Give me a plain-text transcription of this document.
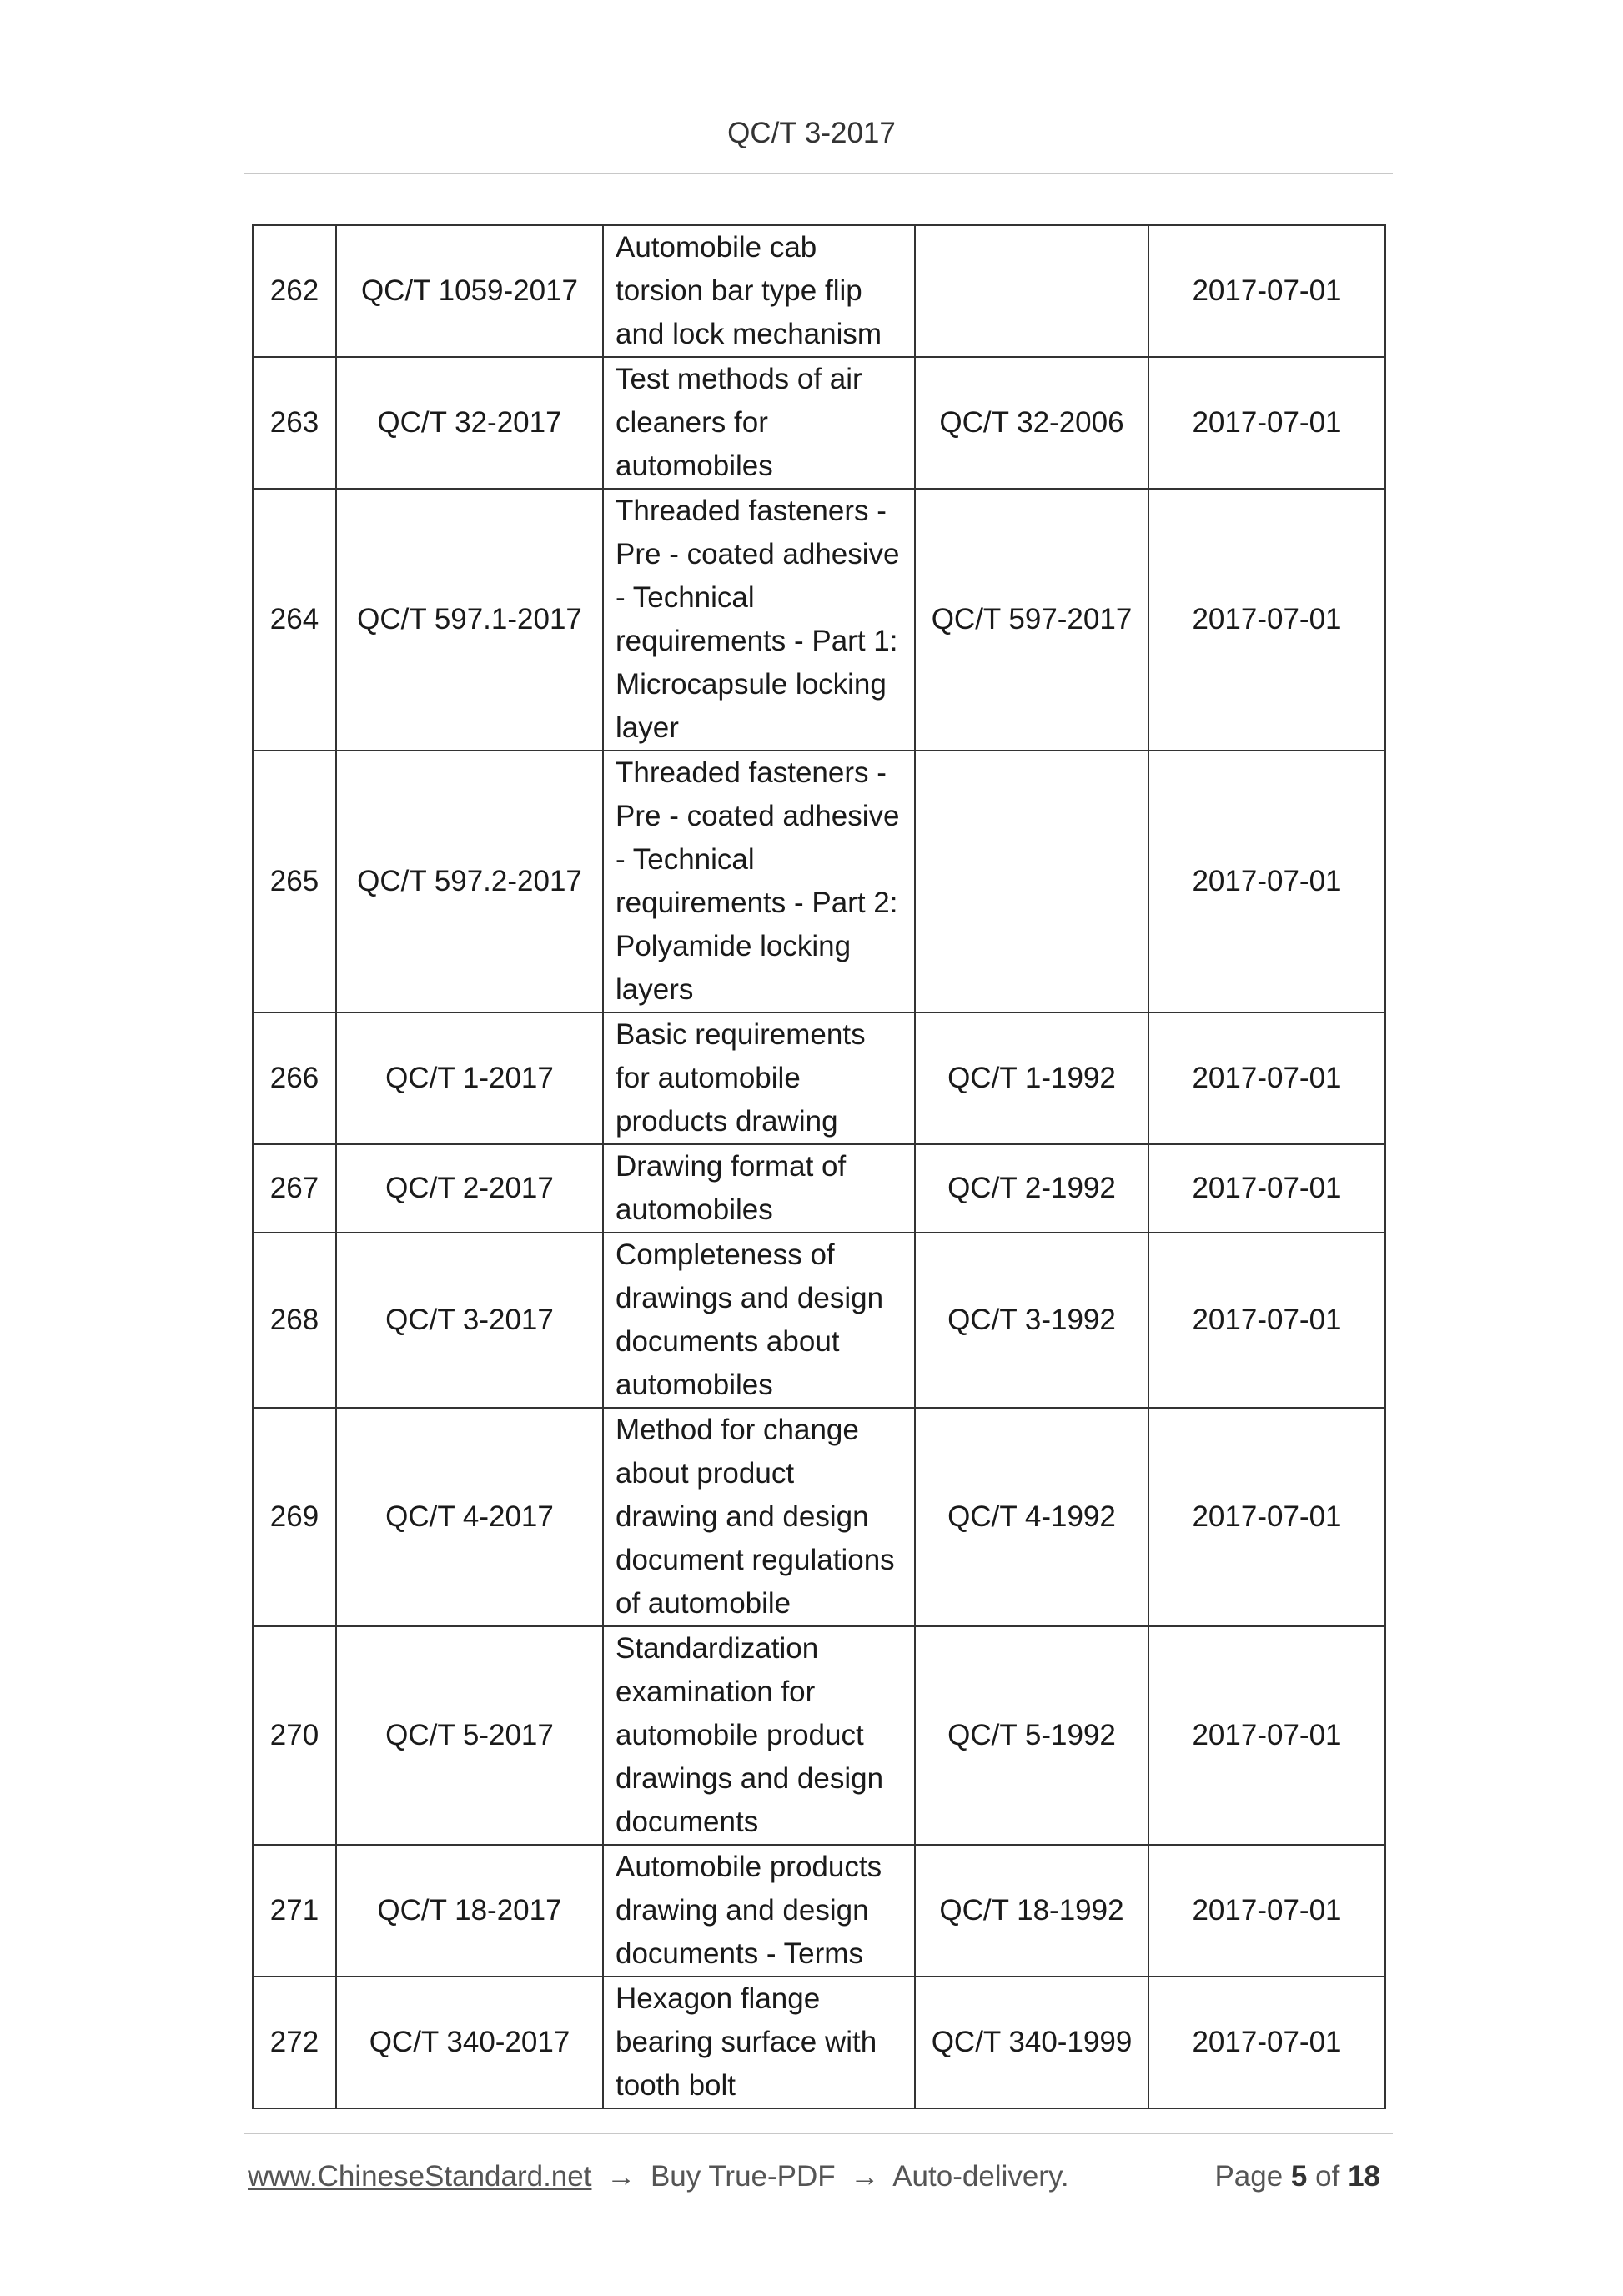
QC/T 3-2017
262	QC/T 1059-2017	Automobile cab torsion bar type flip and lock mechanism		2017-07-01
263	QC/T 32-2017	Test methods of air cleaners for automobiles	QC/T 32-2006	2017-07-01
264	QC/T 597.1-2017	Threaded fasteners - Pre - coated adhesive - Technical requirements - Part 1: Microcapsule locking layer	QC/T 597-2017	2017-07-01
265	QC/T 597.2-2017	Threaded fasteners - Pre - coated adhesive - Technical requirements - Part 2: Polyamide locking layers		2017-07-01
266	QC/T 1-2017	Basic requirements for automobile products drawing	QC/T 1-1992	2017-07-01
267	QC/T 2-2017	Drawing format of automobiles	QC/T 2-1992	2017-07-01
268	QC/T 3-2017	Completeness of drawings and design documents about automobiles	QC/T 3-1992	2017-07-01
269	QC/T 4-2017	Method for change about product drawing and design document regulations of automobile	QC/T 4-1992	2017-07-01
270	QC/T 5-2017	Standardization examination for automobile product drawings and design documents	QC/T 5-1992	2017-07-01
271	QC/T 18-2017	Automobile products drawing and design documents - Terms	QC/T 18-1992	2017-07-01
272	QC/T 340-2017	Hexagon flange bearing surface with tooth bolt	QC/T 340-1999	2017-07-01
www.ChineseStandard.net → Buy True-PDF → Auto-delivery.	Page 5 of 18
